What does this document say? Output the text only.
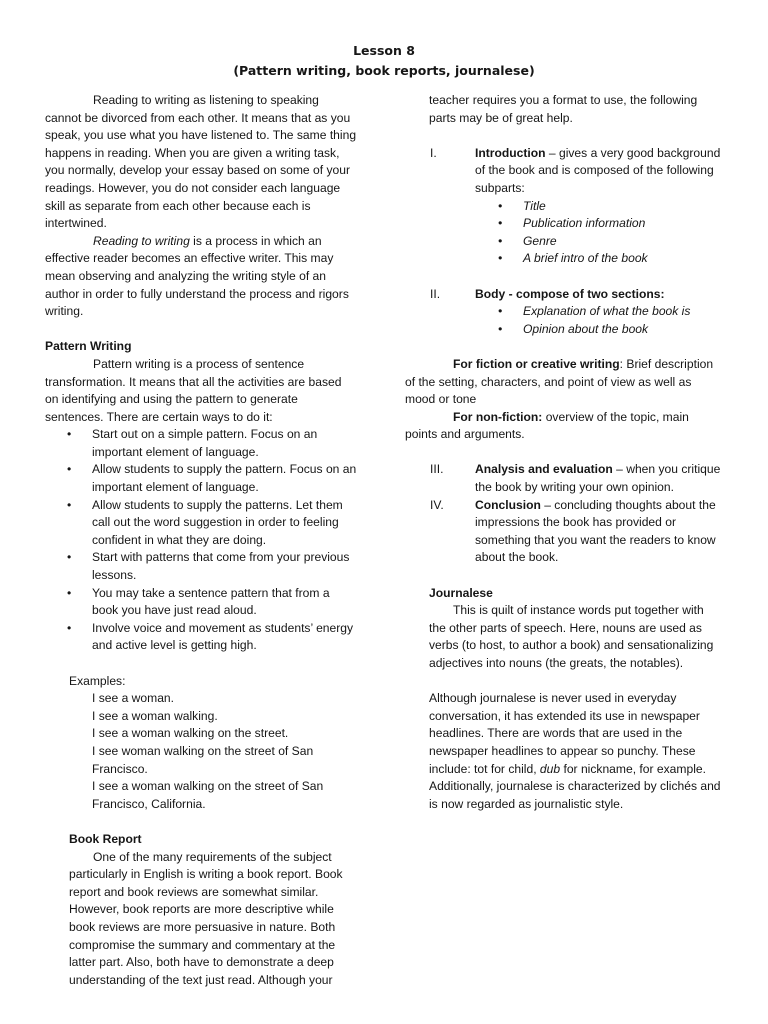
Lesson 8
(Pattern writing, book reports, journalese)

Reading to writing as listening to speaking cannot be divorced from each other. It means that as you speak, you use what you have listened to. The same thing happens in reading. When you are given a writing task, you normally, develop your essay based on some of your readings. However, you do not consider each language skill as separate from each other because each is intertwined.

Reading to writing is a process in which an effective reader becomes an effective writer. This may mean observing and analyzing the writing style of an author in order to fully understand the process and rigors writing.

Pattern Writing

Pattern writing is a process of sentence transformation. It means that all the activities are based on identifying and using the pattern to generate sentences. There are certain ways to do it:

• Start out on a simple pattern. Focus on an important element of language.
• Allow students to supply the pattern. Focus on an important element of language.
• Allow students to supply the patterns. Let them call out the word suggestion in order to feeling confident in what they are doing.
• Start with patterns that come from your previous lessons.
• You may take a sentence pattern that from a book you have just read aloud.
• Involve voice and movement as students’ energy and active level is getting high.

Examples:

I see a woman.

I see a woman walking.

I see a woman walking on the street.

I see woman walking on the street of San Francisco.

I see a woman walking on the street of San Francisco, California.

Book Report

One of the many requirements of the subject particularly in English is writing a book report. Book report and book reviews are somewhat similar. However, book reports are more descriptive while book reviews are more persuasive in nature. Both compromise the summary and commentary at the latter part. Also, both have to demonstrate a deep understanding of the text just read. Although your

teacher requires you a format to use, the following parts may be of great help.

I.	Introduction – gives a very good background of the book and is composed of the following subparts:
• Title
• Publication information
• Genre
• A brief intro of the book
II.	Body - compose of two sections:
• Explanation of what the book is
• Opinion about the book

For fiction or creative writing: Brief description of the setting, characters, and point of view as well as mood or tone

For non-fiction: overview of the topic, main points and arguments.

III.	Analysis and evaluation – when you critique the book by writing your own opinion.
IV.	Conclusion – concluding thoughts about the impressions the book has provided or something that you want the readers to know about the book.

Journalese

This is quilt of instance words put together with the other parts of speech. Here, nouns are used as verbs (to host, to author a book) and sensationalizing adjectives into nouns (the greats, the notables).

Although journalese is never used in everyday conversation, it has extended its use in newspaper headlines. There are words that are used in the newspaper headlines to appear so punchy. These include: tot for child, dub for nickname, for example. Additionally, journalese is characterized by clichés and is now regarded as journalistic style.
